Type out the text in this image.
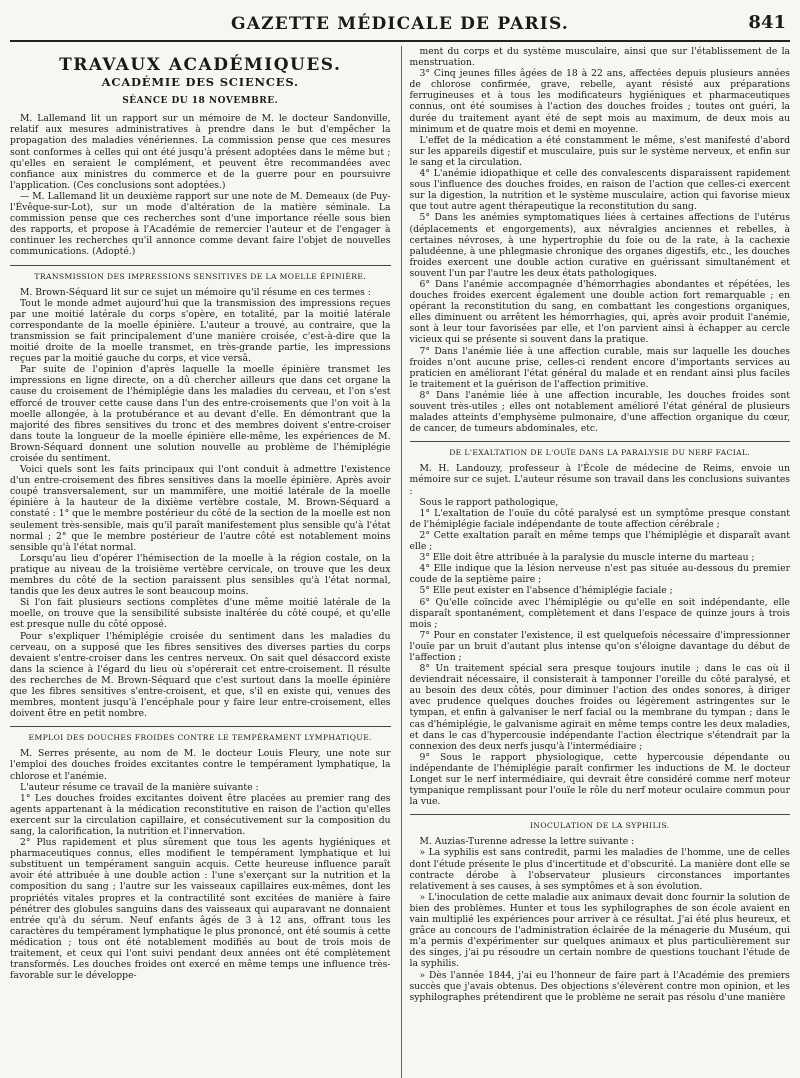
GAZETTE MÉDICALE DE PARIS.	841
TRAVAUX ACADÉMIQUES.
ACADÉMIE DES SCIENCES.
SÉANCE DU 18 NOVEMBRE.

M. Lallemand lit un rapport sur un mémoire de M. le docteur Sandonville, relatif aux mesures administratives à prendre dans le but d'empêcher la propagation des maladies vénériennes. La commission pense que ces mesures sont conformes à celles qui ont été jusqu'à présent adoptées dans le même but ; qu'elles en seraient le complément, et peuvent être recommandées avec confiance aux ministres du commerce et de la guerre pour en poursuivre l'application. (Ces conclusions sont adoptées.)

— M. Lallemand lit un deuxième rapport sur une note de M. Demeaux (de Puy-l'Évêque-sur-Lot), sur un mode d'altération de la matière séminale. La commission pense que ces recherches sont d'une importance réelle sous bien des rapports, et propose à l'Académie de remercier l'auteur et de l'engager à continuer les recherches qu'il annonce comme devant faire l'objet de nouvelles communications. (Adopté.)

TRANSMISSION DES IMPRESSIONS SENSITIVES DE LA MOELLE ÉPINIÈRE.

M. Brown-Séquard lit sur ce sujet un mémoire qu'il résume en ces termes :

Tout le monde admet aujourd'hui que la transmission des impressions reçues par une moitié latérale du corps s'opère, en totalité, par la moitié latérale correspondante de la moelle épinière. L'auteur a trouvé, au contraire, que la transmission se fait principalement d'une manière croisée, c'est-à-dire que la moitié droite de la moelle transmet, en très-grande partie, les impressions reçues par la moitié gauche du corps, et vice versâ.

Par suite de l'opinion d'après laquelle la moelle épinière transmet les impressions en ligne directe, on a dû chercher ailleurs que dans cet organe la cause du croisement de l'hémiplégie dans les maladies du cerveau, et l'on s'est efforcé de trouver cette cause dans l'un des entre-croisements que l'on voit à la moelle allongée, à la protubérance et au devant d'elle. En démontrant que la majorité des fibres sensitives du tronc et des membres doivent s'entre-croiser dans toute la longueur de la moelle épinière elle-même, les expériences de M. Brown-Séquard donnent une solution nouvelle au problème de l'hémiplégie croisée du sentiment.

Voici quels sont les faits principaux qui l'ont conduit à admettre l'existence d'un entre-croisement des fibres sensitives dans la moelle épinière. Après avoir coupé transversalement, sur un mammifère, une moitié latérale de la moelle épinière à la hauteur de la dixième vertèbre costale, M. Brown-Séquard a constaté : 1° que le membre postérieur du côté de la section de la moelle est non seulement très-sensible, mais qu'il paraît manifestement plus sensible qu'à l'état normal ; 2° que le membre postérieur de l'autre côté est notablement moins sensible qu'à l'état normal.

Lorsqu'au lieu d'opérer l'hémisection de la moelle à la région costale, on la pratique au niveau de la troisième vertèbre cervicale, on trouve que les deux membres du côté de la section paraissent plus sensibles qu'à l'état normal, tandis que les deux autres le sont beaucoup moins.

Si l'on fait plusieurs sections complètes d'une même moitié latérale de la moelle, on trouve que la sensibilité subsiste inaltérée du côté coupé, et qu'elle est presque nulle du côté opposé.

Pour s'expliquer l'hémiplégie croisée du sentiment dans les maladies du cerveau, on a supposé que les fibres sensitives des diverses parties du corps devaient s'entre-croiser dans les centres nerveux. On sait quel désaccord existe dans la science à l'égard du lieu où s'opérerait cet entre-croisement. Il résulte des recherches de M. Brown-Séquard que c'est surtout dans la moelle épinière que les fibres sensitives s'entre-croisent, et que, s'il en existe qui, venues des membres, montent jusqu'à l'encéphale pour y faire leur entre-croisement, elles doivent être en petit nombre.

EMPLOI DES DOUCHES FROIDES CONTRE LE TEMPÉRAMENT LYMPHATIQUE.

M. Serres présente, au nom de M. le docteur Louis Fleury, une note sur l'emploi des douches froides excitantes contre le tempérament lymphatique, la chlorose et l'anémie.

L'auteur résume ce travail de la manière suivante :

1° Les douches froides excitantes doivent être placées au premier rang des agents appartenant à la médication reconstitutive en raison de l'action qu'elles exercent sur la circulation capillaire, et consécutivement sur la composition du sang, la calorification, la nutrition et l'innervation.

2° Plus rapidement et plus sûrement que tous les agents hygiéniques et pharmaceutiques connus, elles modifient le tempérament lymphatique et lui substituent un tempérament sanguin acquis. Cette heureuse influence paraît avoir été attribuée à une double action : l'une s'exerçant sur la nutrition et la composition du sang ; l'autre sur les vaisseaux capillaires eux-mêmes, dont les propriétés vitales propres et la contractilité sont excitées de manière à faire pénétrer des globules sanguins dans des vaisseaux qui auparavant ne donnaient entrée qu'à du sérum. Neuf enfants âgés de 3 à 12 ans, offrant tous les caractères du tempérament lymphatique le plus prononcé, ont été soumis à cette médication ; tous ont été notablement modifiés au bout de trois mois de traitement, et ceux qui l'ont suivi pendant deux années ont été complètement transformés. Les douches froides ont exercé en même temps une influence très-favorable sur le développe-

ment du corps et du système musculaire, ainsi que sur l'établissement de la menstruation.

3° Cinq jeunes filles âgées de 18 à 22 ans, affectées depuis plusieurs années de chlorose confirmée, grave, rebelle, ayant résisté aux préparations ferrugineuses et à tous les modificateurs hygiéniques et pharmaceutiques connus, ont été soumises à l'action des douches froides ; toutes ont guéri, la durée du traitement ayant été de sept mois au maximum, de deux mois au minimum et de quatre mois et demi en moyenne.

L'effet de la médication a été constamment le même, s'est manifesté d'abord sur les appareils digestif et musculaire, puis sur le système nerveux, et enfin sur le sang et la circulation.

4° L'anémie idiopathique et celle des convalescents disparaissent rapidement sous l'influence des douches froides, en raison de l'action que celles-ci exercent sur la digestion, la nutrition et le système musculaire, action qui favorise mieux que tout autre agent thérapeutique la reconstitution du sang.

5° Dans les anémies symptomatiques liées à certaines affections de l'utérus (déplacements et engorgements), aux névralgies anciennes et rebelles, à certaines névroses, à une hypertrophie du foie ou de la rate, à la cachexie paludéenne, à une phlegmasie chronique des organes digestifs, etc., les douches froides exercent une double action curative en guérissant simultanément et souvent l'un par l'autre les deux états pathologiques.

6° Dans l'anémie accompagnée d'hémorrhagies abondantes et répétées, les douches froides exercent également une double action fort remarquable ; en opérant la reconstitution du sang, en combattant les congestions organiques, elles diminuent ou arrêtent les hémorrhagies, qui, après avoir produit l'anémie, sont à leur tour favorisées par elle, et l'on parvient ainsi à échapper au cercle vicieux qui se présente si souvent dans la pratique.

7° Dans l'anémie liée à une affection curable, mais sur laquelle les douches froides n'ont aucune prise, celles-ci rendent encore d'importants services au praticien en améliorant l'état général du malade et en rendant ainsi plus faciles le traitement et la guérison de l'affection primitive.

8° Dans l'anémie liée à une affection incurable, les douches froides sont souvent très-utiles ; elles ont notablement amélioré l'état général de plusieurs malades atteints d'emphysème pulmonaire, d'une affection organique du cœur, de cancer, de tumeurs abdominales, etc.

DE L'EXALTATION DE L'OUÏE DANS LA PARALYSIE DU NERF FACIAL.

M. H. Landouzy, professeur à l'École de médecine de Reims, envoie un mémoire sur ce sujet. L'auteur résume son travail dans les conclusions suivantes :

Sous le rapport pathologique,

1° L'exaltation de l'ouïe du côté paralysé est un symptôme presque constant de l'hémiplégie faciale indépendante de toute affection cérébrale ;

2° Cette exaltation paraît en même temps que l'hémiplégie et disparaît avant elle ;

3° Elle doit être attribuée à la paralysie du muscle interne du marteau ;

4° Elle indique que la lésion nerveuse n'est pas située au-dessous du premier coude de la septième paire ;

5° Elle peut exister en l'absence d'hémiplégie faciale ;

6° Qu'elle coïncide avec l'hémiplégie ou qu'elle en soit indépendante, elle disparaît spontanément, complètement et dans l'espace de quinze jours à trois mois ;

7° Pour en constater l'existence, il est quelquefois nécessaire d'impressionner l'ouïe par un bruit d'autant plus intense qu'on s'éloigne davantage du début de l'affection ;

8° Un traitement spécial sera presque toujours inutile ; dans le cas où il deviendrait nécessaire, il consisterait à tamponner l'oreille du côté paralysé, et au besoin des deux côtés, pour diminuer l'action des ondes sonores, à diriger avec prudence quelques douches froides ou légèrement astringentes sur le tympan, et enfin à galvaniser le nerf facial ou la membrane du tympan ; dans le cas d'hémiplégie, le galvanisme agirait en même temps contre les deux maladies, et dans le cas d'hypercousie indépendante l'action électrique s'étendrait par la connexion des deux nerfs jusqu'à l'intermédiaire ;

9° Sous le rapport physiologique, cette hypercousie dépendante ou indépendante de l'hémiplégie paraît confirmer les inductions de M. le docteur Longet sur le nerf intermédiaire, qui devrait être considéré comme nerf moteur tympanique remplissant pour l'ouïe le rôle du nerf moteur oculaire commun pour la vue.

INOCULATION DE LA SYPHILIS.

M. Auzias-Turenne adresse la lettre suivante :

» La syphilis est sans contredit, parmi les maladies de l'homme, une de celles dont l'étude présente le plus d'incertitude et d'obscurité. La manière dont elle se contracte dérobe à l'observateur plusieurs circonstances importantes relativement à ses causes, à ses symptômes et à son évolution.

» L'inoculation de cette maladie aux animaux devait donc fournir la solution de bien des problèmes. Hunter et tous les syphilographes de son école avaient en vain multiplié les expériences pour arriver à ce résultat. J'ai été plus heureux, et grâce au concours de l'administration éclairée de la ménagerie du Muséum, qui m'a permis d'expérimenter sur quelques animaux et plus particulièrement sur des singes, j'ai pu résoudre un certain nombre de questions touchant l'étude de la syphilis.

» Dès l'année 1844, j'ai eu l'honneur de faire part à l'Académie des premiers succès que j'avais obtenus. Des objections s'élevèrent contre mon opinion, et les syphilographes prétendirent que le problème ne serait pas résolu d'une manière
